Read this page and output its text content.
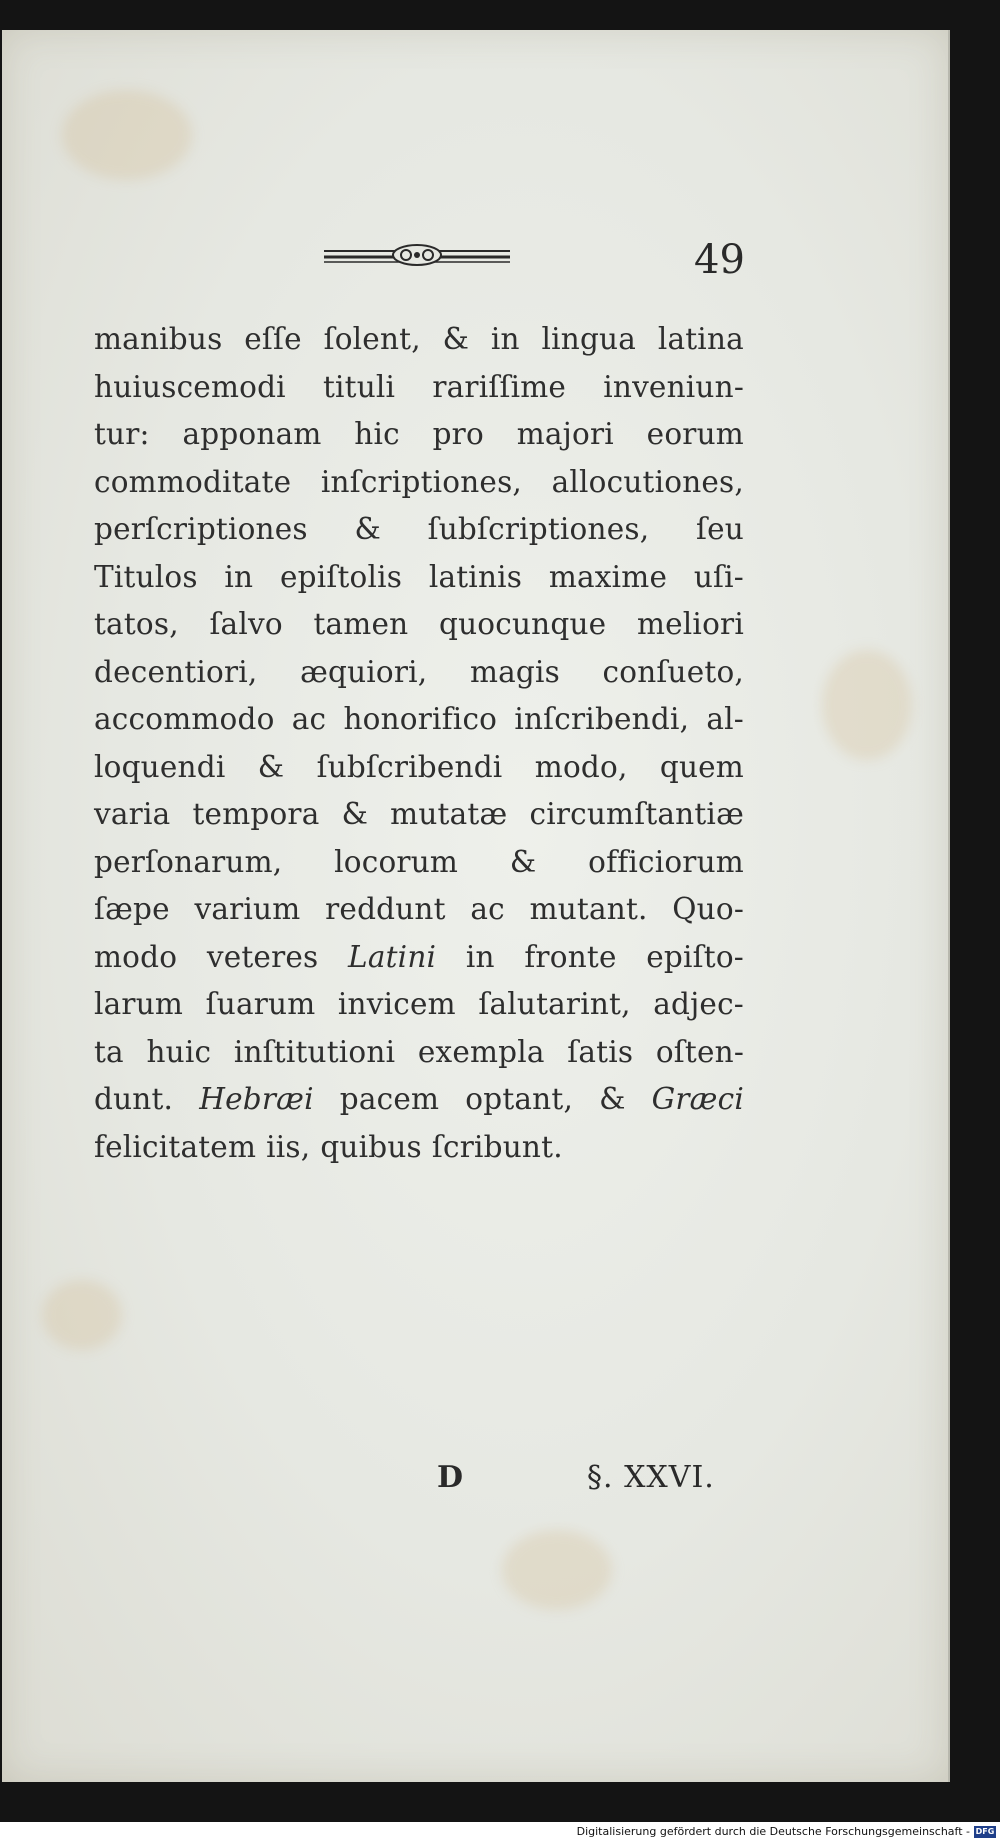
49
manibus eſſe ſolent, & in lingua latina
huiuscemodi tituli rariſſime inveniun-
tur: apponam hic pro majori eorum
commoditate inſcriptiones, allocutiones,
perſcriptiones & ſubſcriptiones, ſeu
Titulos in epiſtolis latinis maxime uſi-
tatos, ſalvo tamen quocunque meliori
decentiori, æquiori, magis conſueto,
accommodo ac honorifico inſcribendi, al-
loquendi & ſubſcribendi modo, quem
varia tempora & mutatæ circumſtantiæ
perſonarum, locorum & officiorum
ſæpe varium reddunt ac mutant. Quo-
modo veteres Latini in fronte epiſto-
larum ſuarum invicem ſalutarint, adjec-
ta huic inſtitutioni exempla ſatis oſten-
dunt. Hebræi pacem optant, & Græci
felicitatem iis, quibus ſcribunt.
D	§. XXVI.
Digitalisierung gefördert durch die Deutsche Forschungsgemeinschaft - DFG
